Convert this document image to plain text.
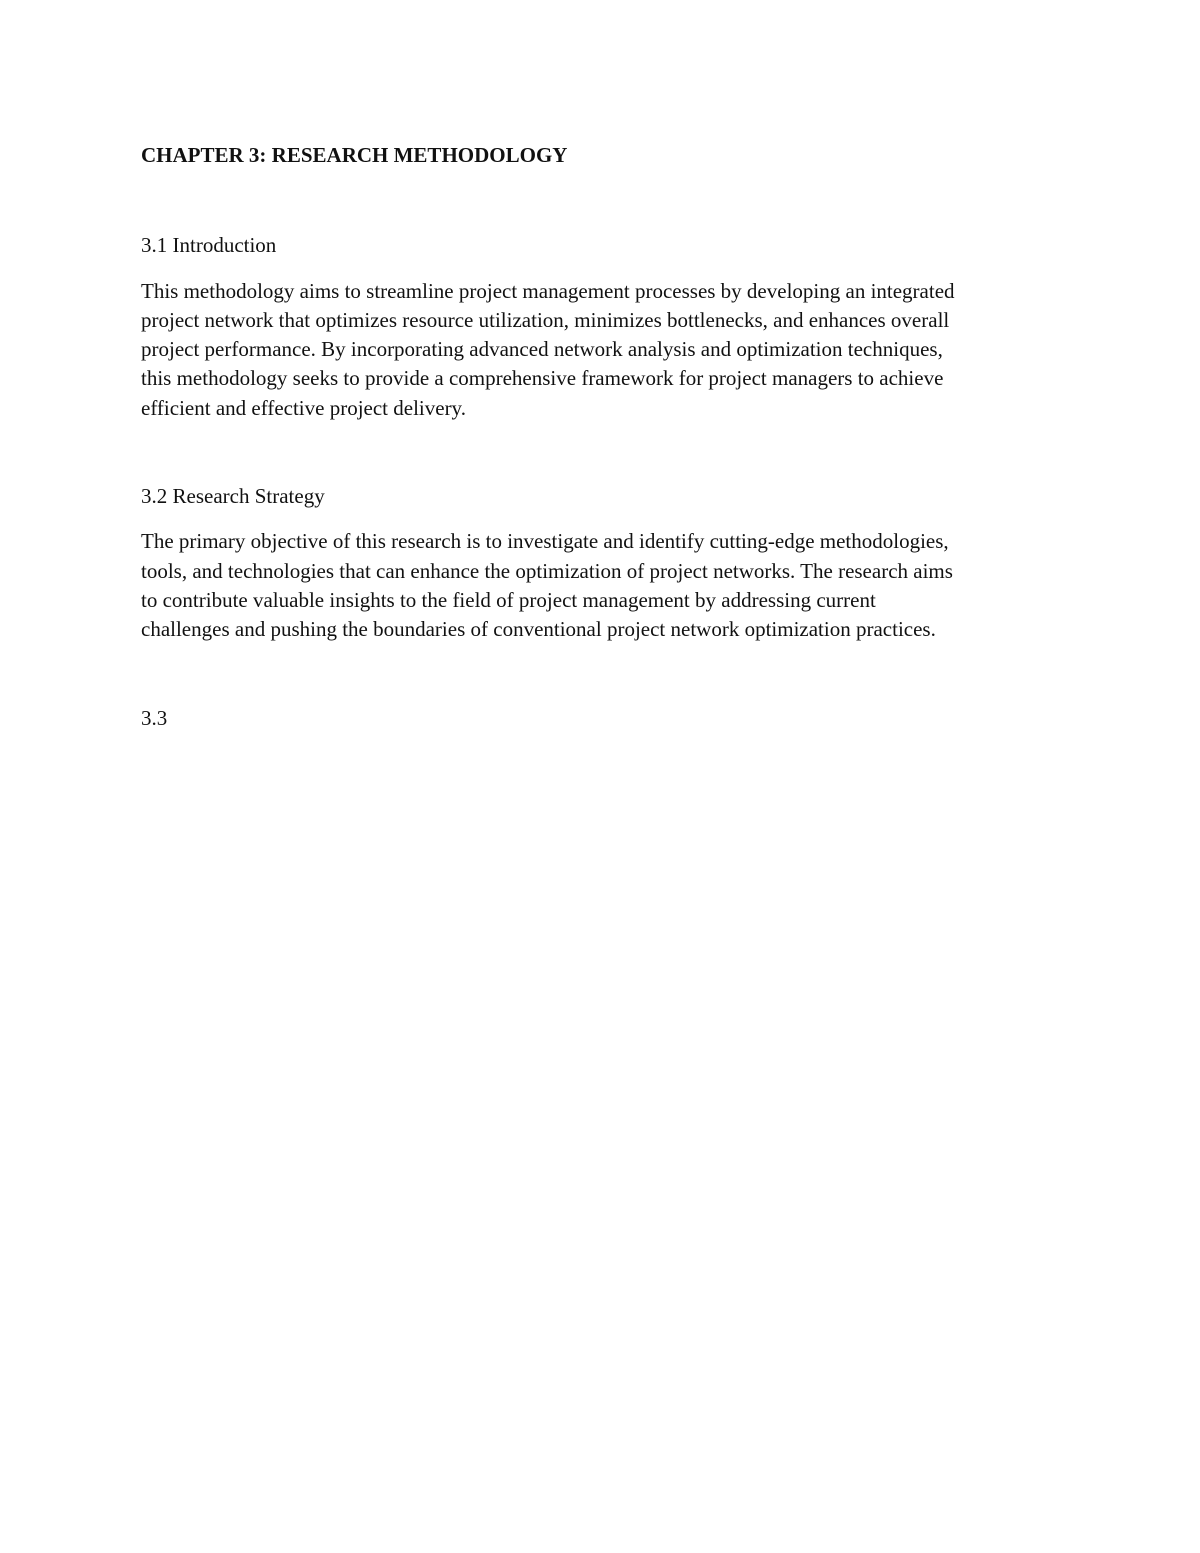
CHAPTER 3: RESEARCH METHODOLOGY
3.1 Introduction

This methodology aims to streamline project management processes by developing an integrated
project network that optimizes resource utilization, minimizes bottlenecks, and enhances overall
project performance. By incorporating advanced network analysis and optimization techniques,
this methodology seeks to provide a comprehensive framework for project managers to achieve
efficient and effective project delivery.

3.2 Research Strategy

The primary objective of this research is to investigate and identify cutting-edge methodologies,
tools, and technologies that can enhance the optimization of project networks. The research aims
to contribute valuable insights to the field of project management by addressing current
challenges and pushing the boundaries of conventional project network optimization practices.

3.3
